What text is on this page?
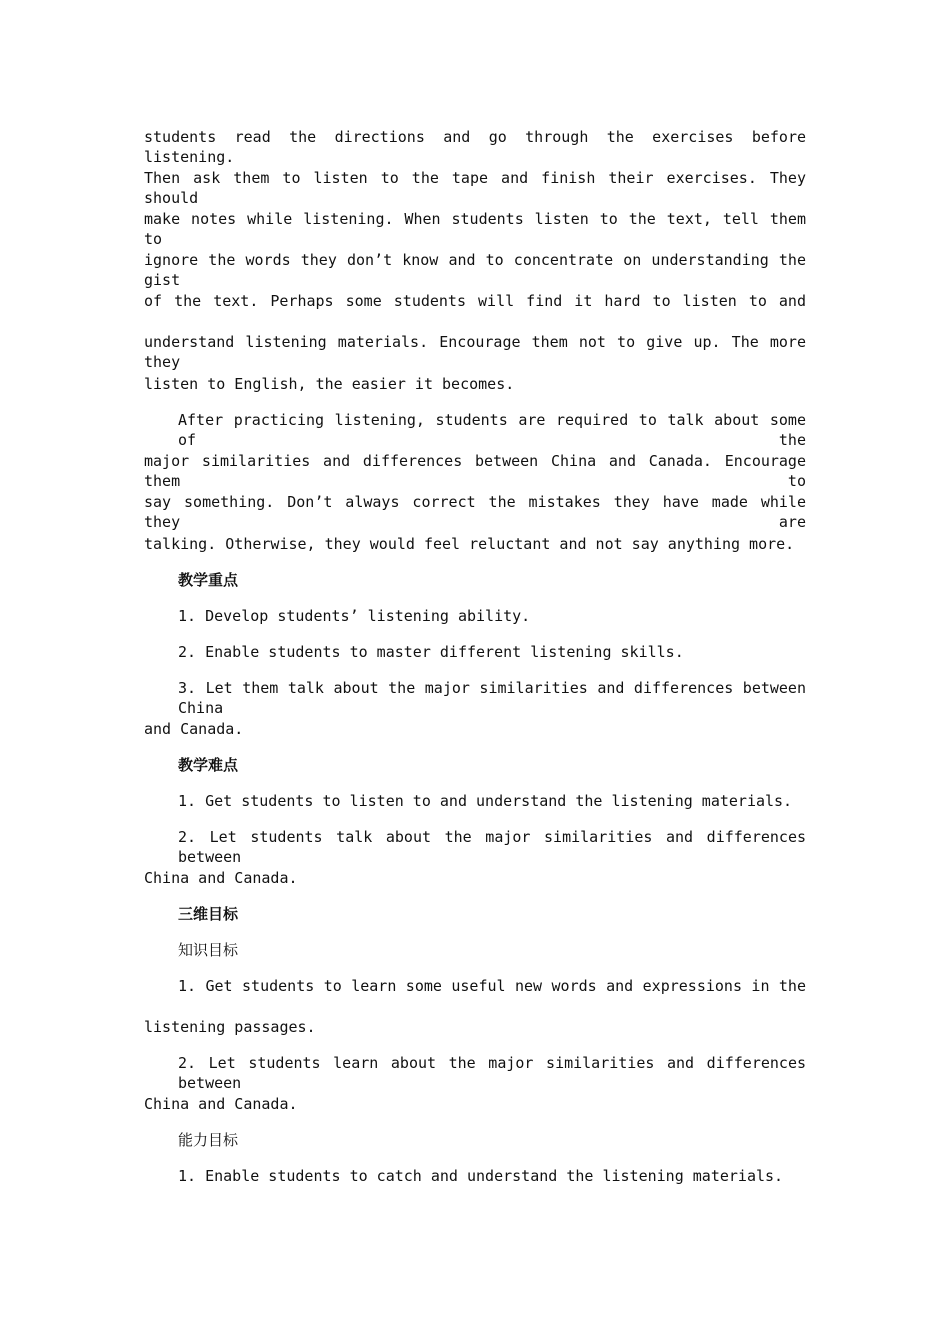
students read the directions and go through the exercises before listening.
Then ask them to listen to the tape and finish their exercises. They should
make notes while listening. When students listen to the text, tell them to
ignore the words they don’t know and to concentrate on understanding the gist
of the text. Perhaps some students will find it hard to listen to and
understand listening materials. Encourage them not to give up. The more they
listen to English, the easier it becomes.
After practicing listening, students are required to talk about some of the
major similarities and differences between China and Canada. Encourage them to
say something. Don’t always correct the mistakes they have made while they are
talking. Otherwise, they would feel reluctant and not say anything more.
教学重点
1. Develop students’ listening ability.
2. Enable students to master different listening skills.
3. Let them talk about the major similarities and differences between China
and Canada.
教学难点
1. Get students to listen to and understand the listening materials.
2. Let students talk about the major similarities and differences between
China and Canada.
三维目标
知识目标
1. Get students to learn some useful new words and expressions in the
listening passages.
2. Let students learn about the major similarities and differences between
China and Canada.
能力目标
1. Enable students to catch and understand the listening materials.
